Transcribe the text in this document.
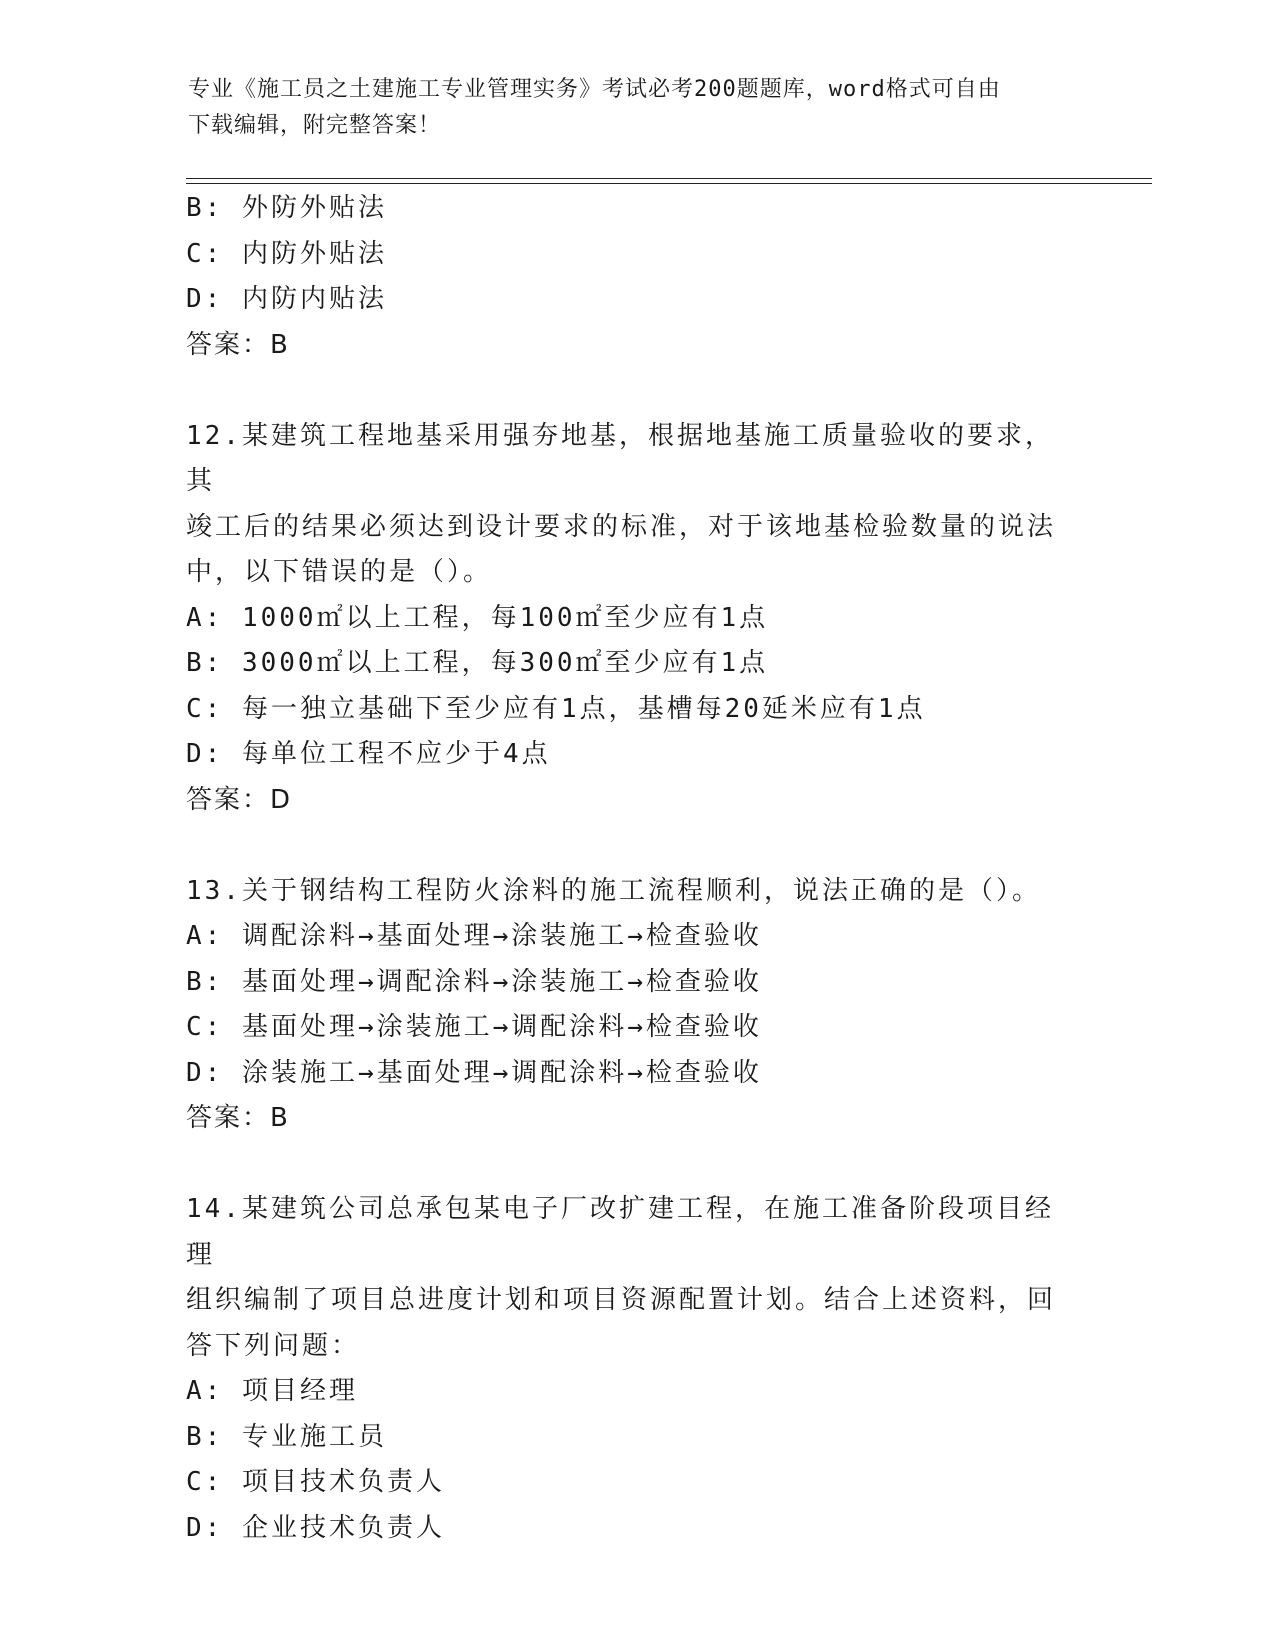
专业《施工员之土建施工专业管理实务》考试必考200题题库，word格式可自由
下载编辑，附完整答案！
B: 外防外贴法
C: 内防外贴法
D: 内防内贴法
答案：B
12.某建筑工程地基采用强夯地基，根据地基施工质量验收的要求，其
竣工后的结果必须达到设计要求的标准，对于该地基检验数量的说法
中，以下错误的是（）。
A: 1000㎡以上工程，每100㎡至少应有1点
B: 3000㎡以上工程，每300㎡至少应有1点
C: 每一独立基础下至少应有1点，基槽每20延米应有1点
D: 每单位工程不应少于4点
答案：D
13.关于钢结构工程防火涂料的施工流程顺利，说法正确的是（）。
A: 调配涂料→基面处理→涂装施工→检查验收
B: 基面处理→调配涂料→涂装施工→检查验收
C: 基面处理→涂装施工→调配涂料→检查验收
D: 涂装施工→基面处理→调配涂料→检查验收
答案：B
14.某建筑公司总承包某电子厂改扩建工程，在施工准备阶段项目经理
组织编制了项目总进度计划和项目资源配置计划。结合上述资料，回
答下列问题：
A: 项目经理
B: 专业施工员
C: 项目技术负责人
D: 企业技术负责人
